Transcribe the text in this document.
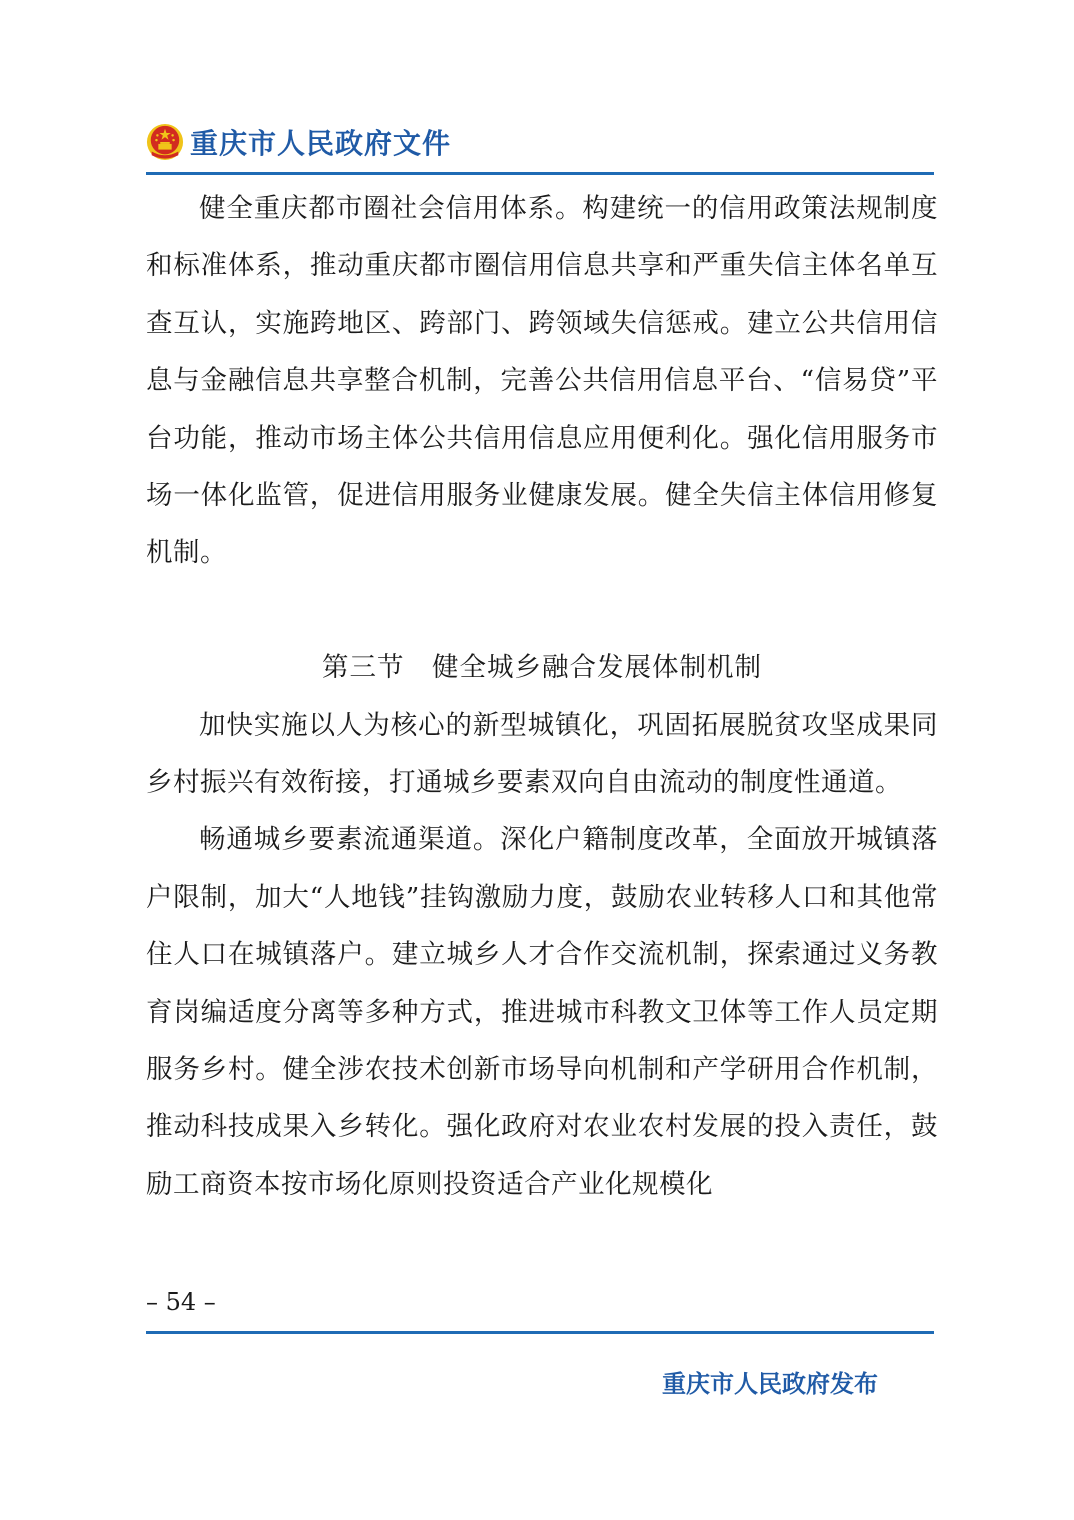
重庆市人民政府文件

健全重庆都市圈社会信用体系。构建统一的信用政策法规制度和标准体系，推动重庆都市圈信用信息共享和严重失信主体名单互查互认，实施跨地区、跨部门、跨领域失信惩戒。建立公共信用信息与金融信息共享整合机制，完善公共信用信息平台、“信易贷”平台功能，推动市场主体公共信用信息应用便利化。强化信用服务市场一体化监管，促进信用服务业健康发展。健全失信主体信用修复机制。

第三节　健全城乡融合发展体制机制

加快实施以人为核心的新型城镇化，巩固拓展脱贫攻坚成果同乡村振兴有效衔接，打通城乡要素双向自由流动的制度性通道。

畅通城乡要素流通渠道。深化户籍制度改革，全面放开城镇落户限制，加大“人地钱”挂钩激励力度，鼓励农业转移人口和其他常住人口在城镇落户。建立城乡人才合作交流机制，探索通过义务教育岗编适度分离等多种方式，推进城市科教文卫体等工作人员定期服务乡村。健全涉农技术创新市场导向机制和产学研用合作机制，推动科技成果入乡转化。强化政府对农业农村发展的投入责任，鼓励工商资本按市场化原则投资适合产业化规模化

– 54 –
重庆市人民政府发布
